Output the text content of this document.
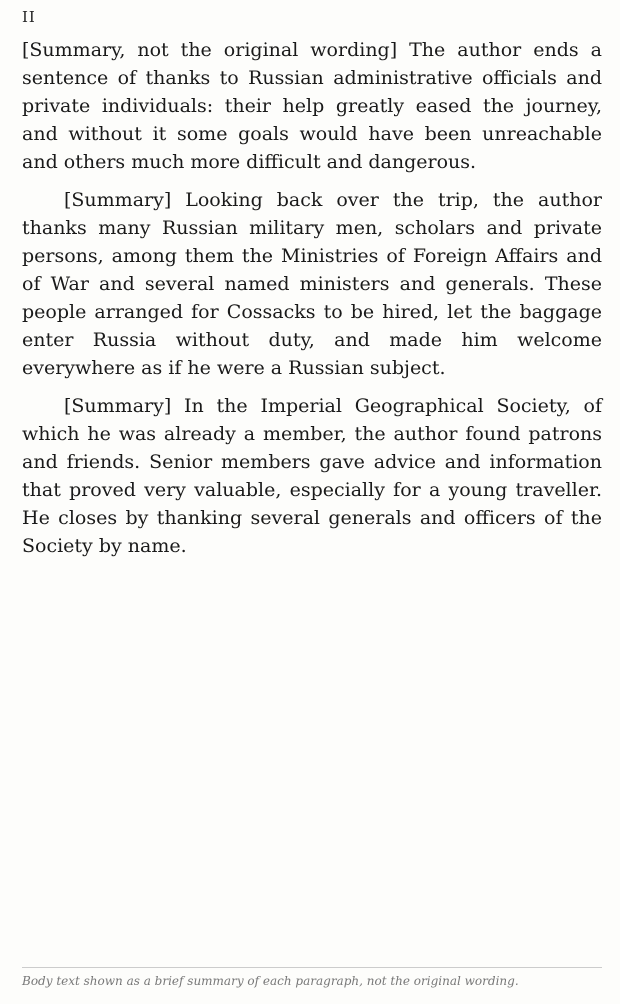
II

[Summary, not the original wording] The author ends a sentence of thanks to Russian administrative officials and private individuals: their help greatly eased the journey, and without it some goals would have been unreachable and others much more difficult and dangerous.

[Summary] Looking back over the trip, the author thanks many Russian military men, scholars and private persons, among them the Ministries of Foreign Affairs and of War and several named ministers and generals. These people arranged for Cossacks to be hired, let the baggage enter Russia without duty, and made him welcome everywhere as if he were a Russian subject.

[Summary] In the Imperial Geographical Society, of which he was already a member, the author found patrons and friends. Senior members gave advice and information that proved very valuable, especially for a young traveller. He closes by thanking several generals and officers of the Society by name.

Body text shown as a brief summary of each paragraph, not the original wording.
